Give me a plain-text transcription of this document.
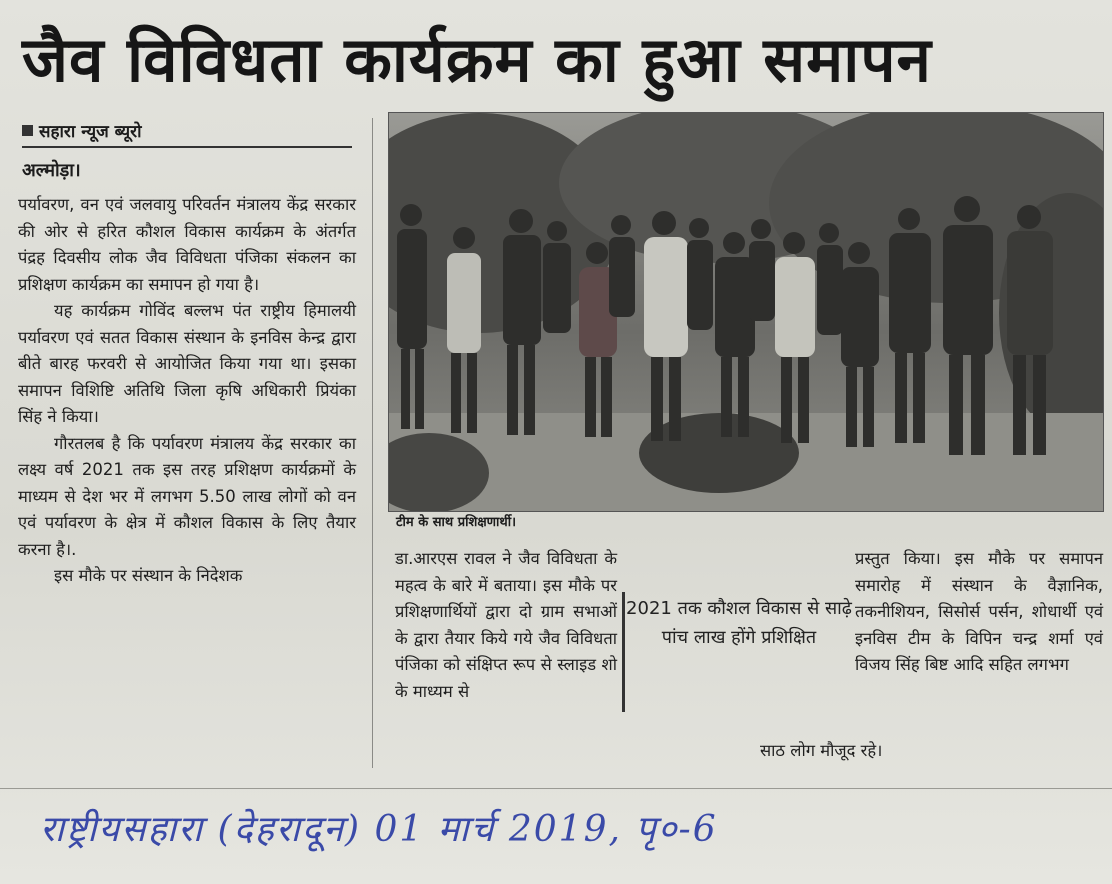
जैव विविधता कार्यक्रम का हुआ समापन
सहारा न्यूज ब्यूरो
अल्मोड़ा।

पर्यावरण, वन एवं जलवायु परिवर्तन मंत्रालय केंद्र सरकार की ओर से हरित कौशल विकास कार्यक्रम के अंतर्गत पंद्रह दिवसीय लोक जैव विविधता पंजिका संकलन का प्रशिक्षण कार्यक्रम का समापन हो गया है।

यह कार्यक्रम गोविंद बल्लभ पंत राष्ट्रीय हिमालयी पर्यावरण एवं सतत विकास संस्थान के इनविस केन्द्र द्वारा बीते बारह फरवरी से आयोजित किया गया था। इसका समापन विशिष्टि अतिथि जिला कृषि अधिकारी प्रियंका सिंह ने किया।

गौरतलब है कि पर्यावरण मंत्रालय केंद्र सरकार का लक्ष्य वर्ष 2021 तक इस तरह प्रशिक्षण कार्यक्रमों के माध्यम से देश भर में लगभग 5.50 लाख लोगों को वन एवं पर्यावरण के क्षेत्र में कौशल विकास के लिए तैयार करना है।.

इस मौके पर संस्थान के निदेशक

टीम के साथ प्रशिक्षणार्थी।
डा.आरएस रावल ने जैव विविधता के महत्व के बारे में बताया। इस मौके पर प्रशिक्षणार्थियों द्वारा दो ग्राम सभाओं के द्वारा तैयार किये गये जैव विविधता पंजिका को संक्षिप्त रूप से स्लाइड शो के माध्यम से
2021 तक कौशल विकास से साढ़े पांच लाख होंगे प्रशिक्षित
प्रस्तुत किया। इस मौके पर समापन समारोह में संस्थान के वैज्ञानिक, तकनीशियन, सिसोर्स पर्सन, शोधार्थी एवं इनविस टीम के विपिन चन्द्र शर्मा एवं विजय सिंह बिष्ट आदि सहित लगभग
साठ लोग मौजूद रहे।
राष्ट्रीयसहारा (देहरादून) 01 मार्च 2019, पृ०-6
